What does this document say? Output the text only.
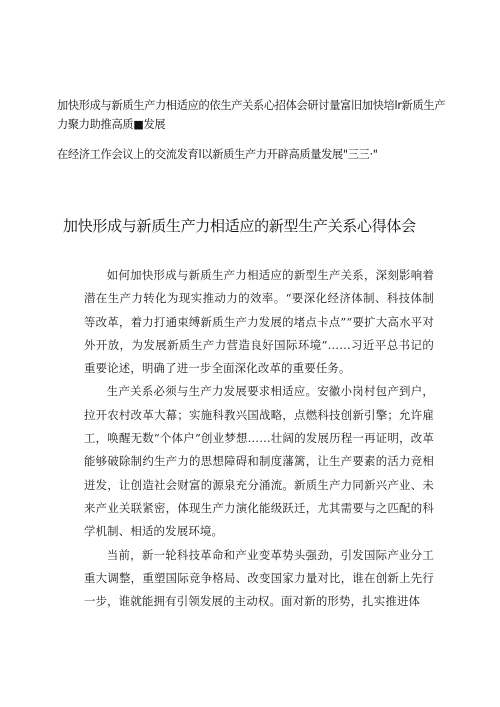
加快形成与新质生产力相适应的依生产关系心招体会研讨量富旧加快培lr新质生产力聚力助推高质■发展
在经济工作会议上的交流发育l以新质生产力开辟高质量发展"三三·"
加快形成与新质生产力相适应的新型生产关系心得体会

如何加快形成与新质生产力相适应的新型生产关系，深刻影响着潜在生产力转化为现实推动力的效率。“要深化经济体制、科技体制等改革，着力打通束缚新质生产力发展的堵点卡点”“要扩大高水平对外开放，为发展新质生产力营造良好国际环境”……习近平总书记的重要论述，明确了进一步全面深化改革的重要任务。

生产关系必须与生产力发展要求相适应。安徽小岗村包产到户，拉开农村改革大幕；实施科教兴国战略，点燃科技创新引擎；允许雇工，唤醒无数“个体户”创业梦想……壮阔的发展历程一再证明，改革能够破除制约生产力的思想障碍和制度藩篱，让生产要素的活力竞相迸发，让创造社会财富的源泉充分涌流。新质生产力同新兴产业、未来产业关联紧密，体现生产力演化能级跃迁，尤其需要与之匹配的科学机制、相适的发展环境。

当前，新一轮科技革命和产业变革势头强劲，引发国际产业分工重大调整，重塑国际竞争格局、改变国家力量对比，谁在创新上先行一步，谁就能拥有引领发展的主动权。面对新的形势，扎实推进体
